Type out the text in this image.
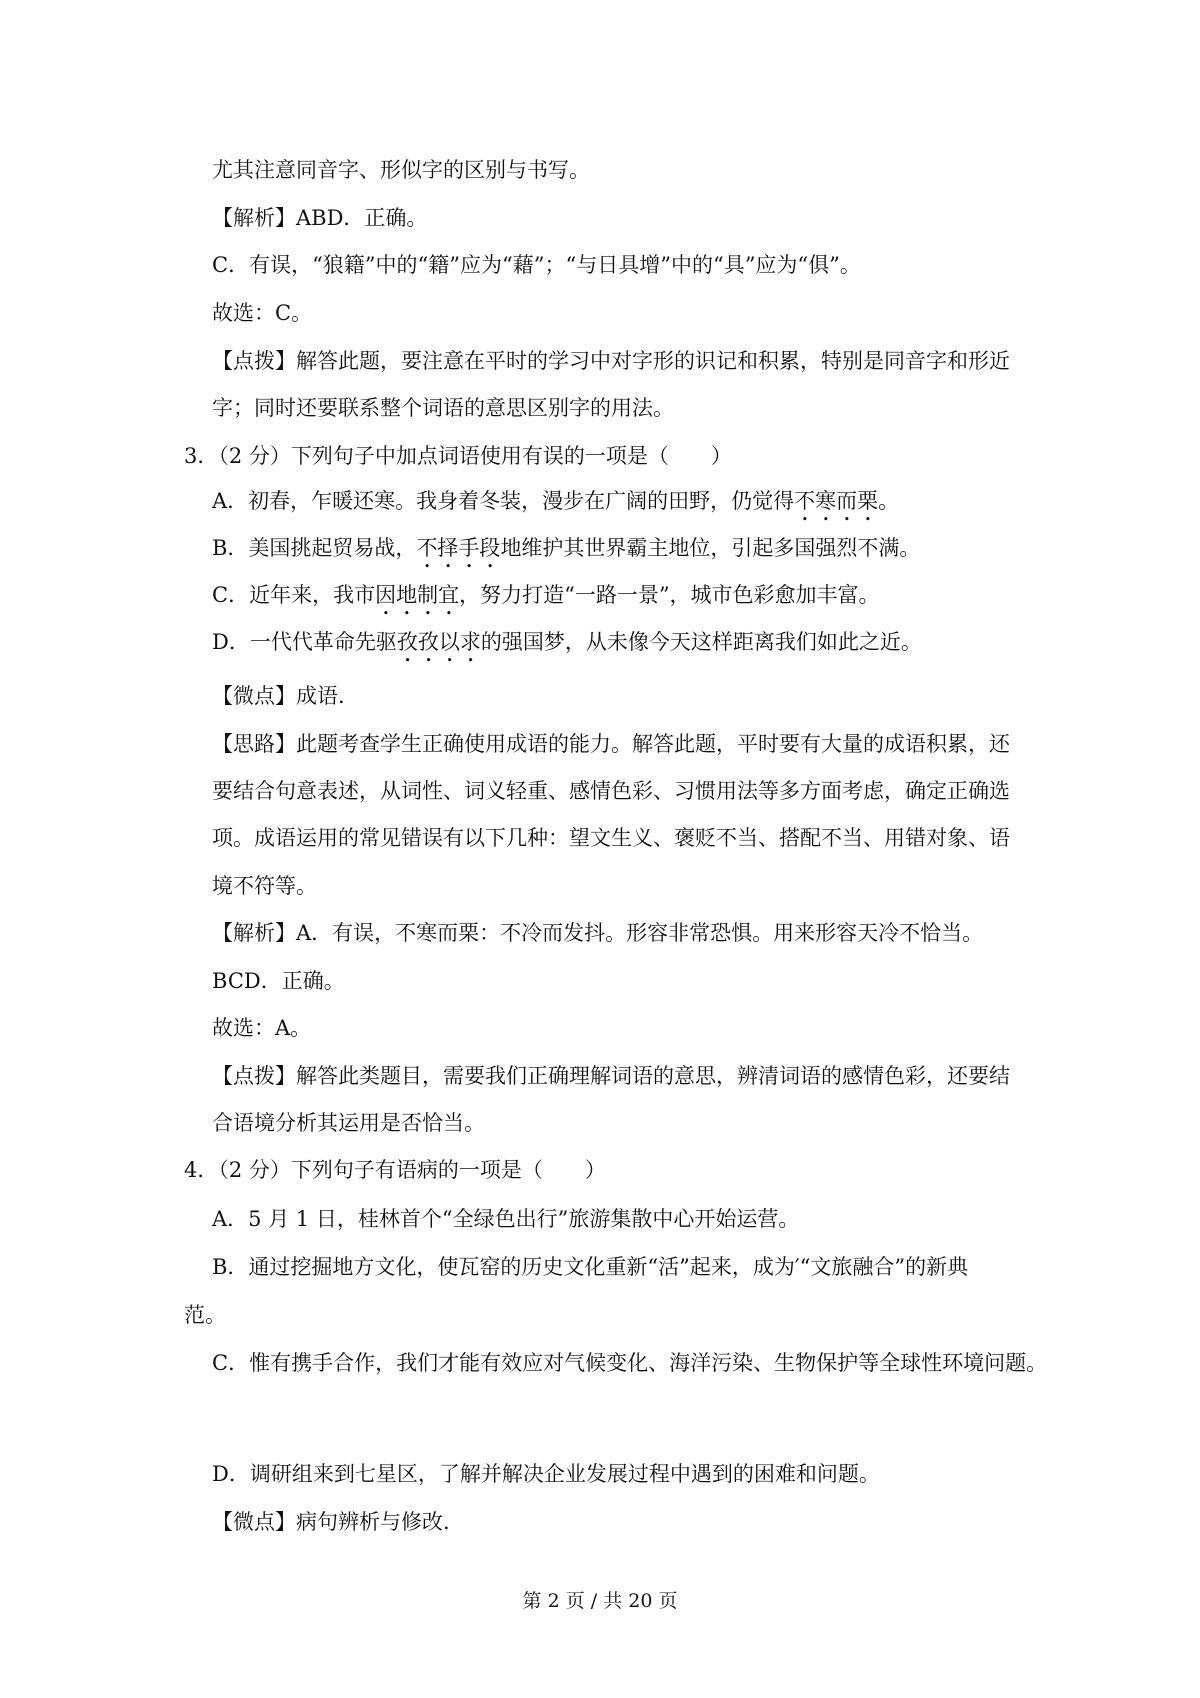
尤其注意同音字、形似字的区别与书写。
【解析】ABD．正确。
C．有误，“狼籍”中的“籍”应为“藉”；“与日具增”中的“具”应为“俱”。
故选：C。
【点拨】解答此题，要注意在平时的学习中对字形的识记和积累，特别是同音字和形近
字；同时还要联系整个词语的意思区别字的用法。
3．（2 分）下列句子中加点词语使用有误的一项是（　　）
A．初春，乍暖还寒。我身着冬装，漫步在广阔的田野，仍觉得不寒而栗。
B．美国挑起贸易战，不择手段地维护其世界霸主地位，引起多国强烈不满。
C．近年来，我市因地制宜，努力打造“一路一景”，城市色彩愈加丰富。
D．一代代革命先驱孜孜以求的强国梦，从未像今天这样距离我们如此之近。
【微点】成语.
【思路】此题考查学生正确使用成语的能力。解答此题，平时要有大量的成语积累，还
要结合句意表述，从词性、词义轻重、感情色彩、习惯用法等多方面考虑，确定正确选
项。成语运用的常见错误有以下几种：望文生义、褒贬不当、搭配不当、用错对象、语
境不符等。
【解析】A．有误，不寒而栗：不冷而发抖。形容非常恐惧。用来形容天冷不恰当。
BCD．正确。
故选：A。
【点拨】解答此类题目，需要我们正确理解词语的意思，辨清词语的感情色彩，还要结
合语境分析其运用是否恰当。
4．（2 分）下列句子有语病的一项是（　　）
A．5 月 1 日，桂林首个“全绿色出行”旅游集散中心开始运营。
B．通过挖掘地方文化，使瓦窑的历史文化重新“活”起来，成为′“文旅融合”的新典
范。
C．惟有携手合作，我们才能有效应对气候变化、海洋污染、生物保护等全球性环境问题。
D．调研组来到七星区，了解并解决企业发展过程中遇到的困难和问题。
【微点】病句辨析与修改.
第 2 页 / 共 20 页
